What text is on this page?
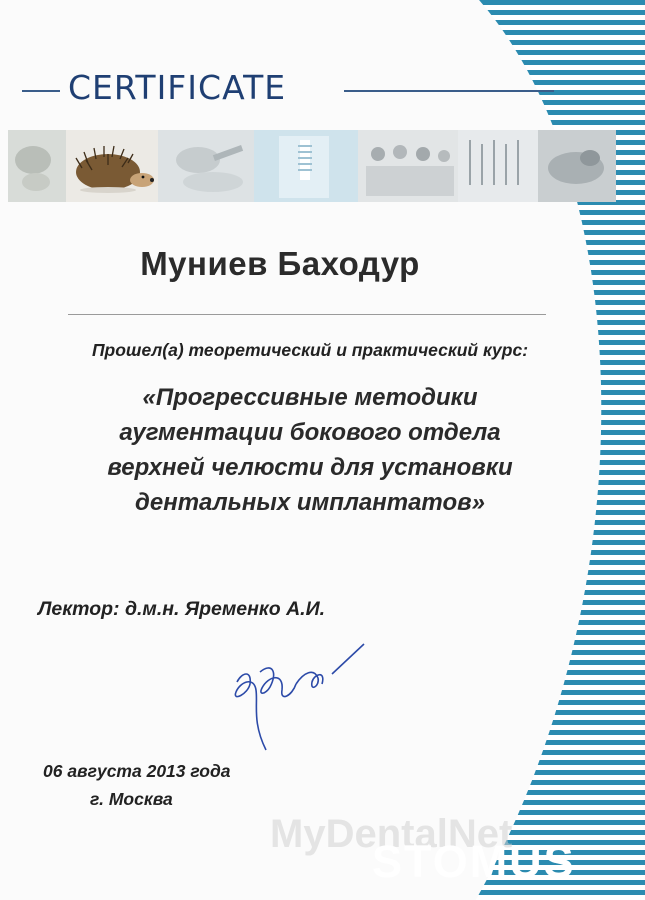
CERTIFICATE
Муниев Баходур
Прошел(а) теоретический и практический курс:
«Прогрессивные методики
аугментации бокового отдела
верхней челюсти для установки
дентальных имплантатов»
Лектор: д.м.н. Яременко А.И.
06 августа 2013 года
г. Москва
MyDentalNet
STOMUS
